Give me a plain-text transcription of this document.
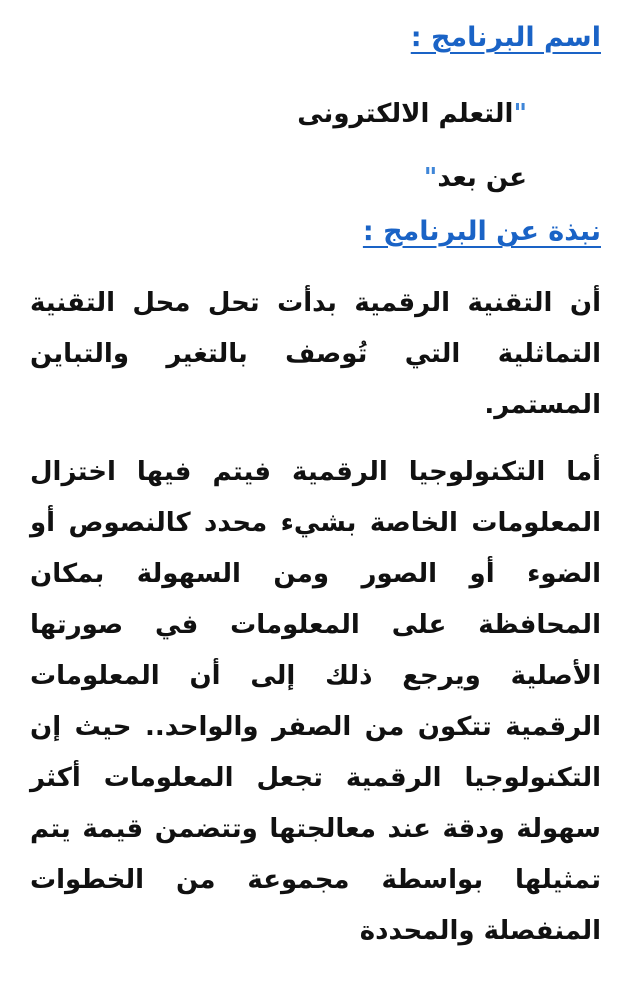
اسم البرنامج :
"التعلم الالكترونى
عن بعد"
نبذة عن البرنامج :

أن التقنية الرقمية بدأت تحل محل التقنية التماثلية التي تُوصف بالتغير والتباين المستمر.

أما التكنولوجيا الرقمية فيتم فيها اختزال المعلومات الخاصة بشيء محدد كالنصوص أو الضوء أو الصور ومن السهولة بمكان المحافظة على المعلومات في صورتها الأصلية ويرجع ذلك إلى أن المعلومات الرقمية تتكون من الصفر والواحد.. حيث إن التكنولوجيا الرقمية تجعل المعلومات أكثر سهولة ودقة عند معالجتها وتتضمن قيمة يتم تمثيلها بواسطة مجموعة من الخطوات المنفصلة والمحددة
